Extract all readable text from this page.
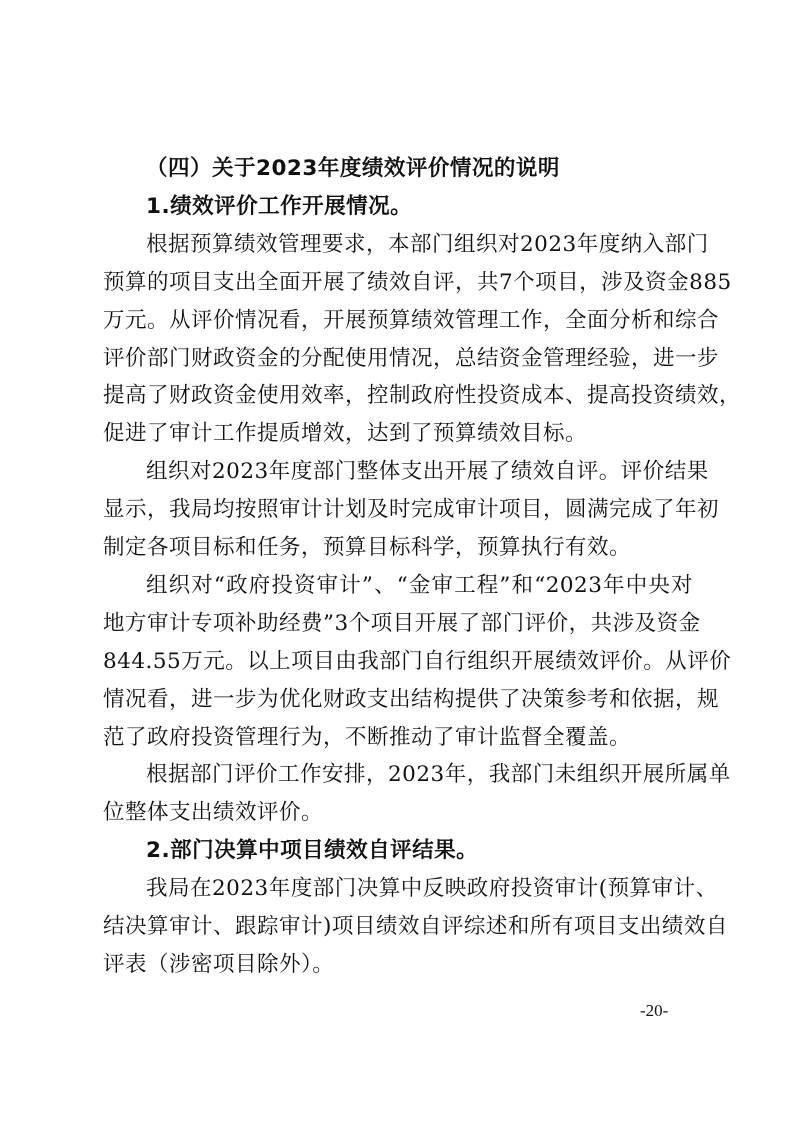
（四）关于2023年度绩效评价情况的说明
1.绩效评价工作开展情况。
根据预算绩效管理要求，本部门组织对2023年度纳入部门
预算的项目支出全面开展了绩效自评，共7个项目，涉及资金885
万元。从评价情况看，开展预算绩效管理工作，全面分析和综合
评价部门财政资金的分配使用情况，总结资金管理经验，进一步
提高了财政资金使用效率，控制政府性投资成本、提高投资绩效，
促进了审计工作提质增效，达到了预算绩效目标。
组织对2023年度部门整体支出开展了绩效自评。评价结果
显示，我局均按照审计计划及时完成审计项目，圆满完成了年初
制定各项目标和任务，预算目标科学，预算执行有效。
组织对“政府投资审计”、“金审工程”和“2023年中央对
地方审计专项补助经费”3个项目开展了部门评价，共涉及资金
844.55万元。以上项目由我部门自行组织开展绩效评价。从评价
情况看，进一步为优化财政支出结构提供了决策参考和依据，规
范了政府投资管理行为，不断推动了审计监督全覆盖。
根据部门评价工作安排，2023年，我部门未组织开展所属单
位整体支出绩效评价。
2.部门决算中项目绩效自评结果。
我局在2023年度部门决算中反映政府投资审计(预算审计、
结决算审计、跟踪审计)项目绩效自评综述和所有项目支出绩效自
评表（涉密项目除外）。
-20-
